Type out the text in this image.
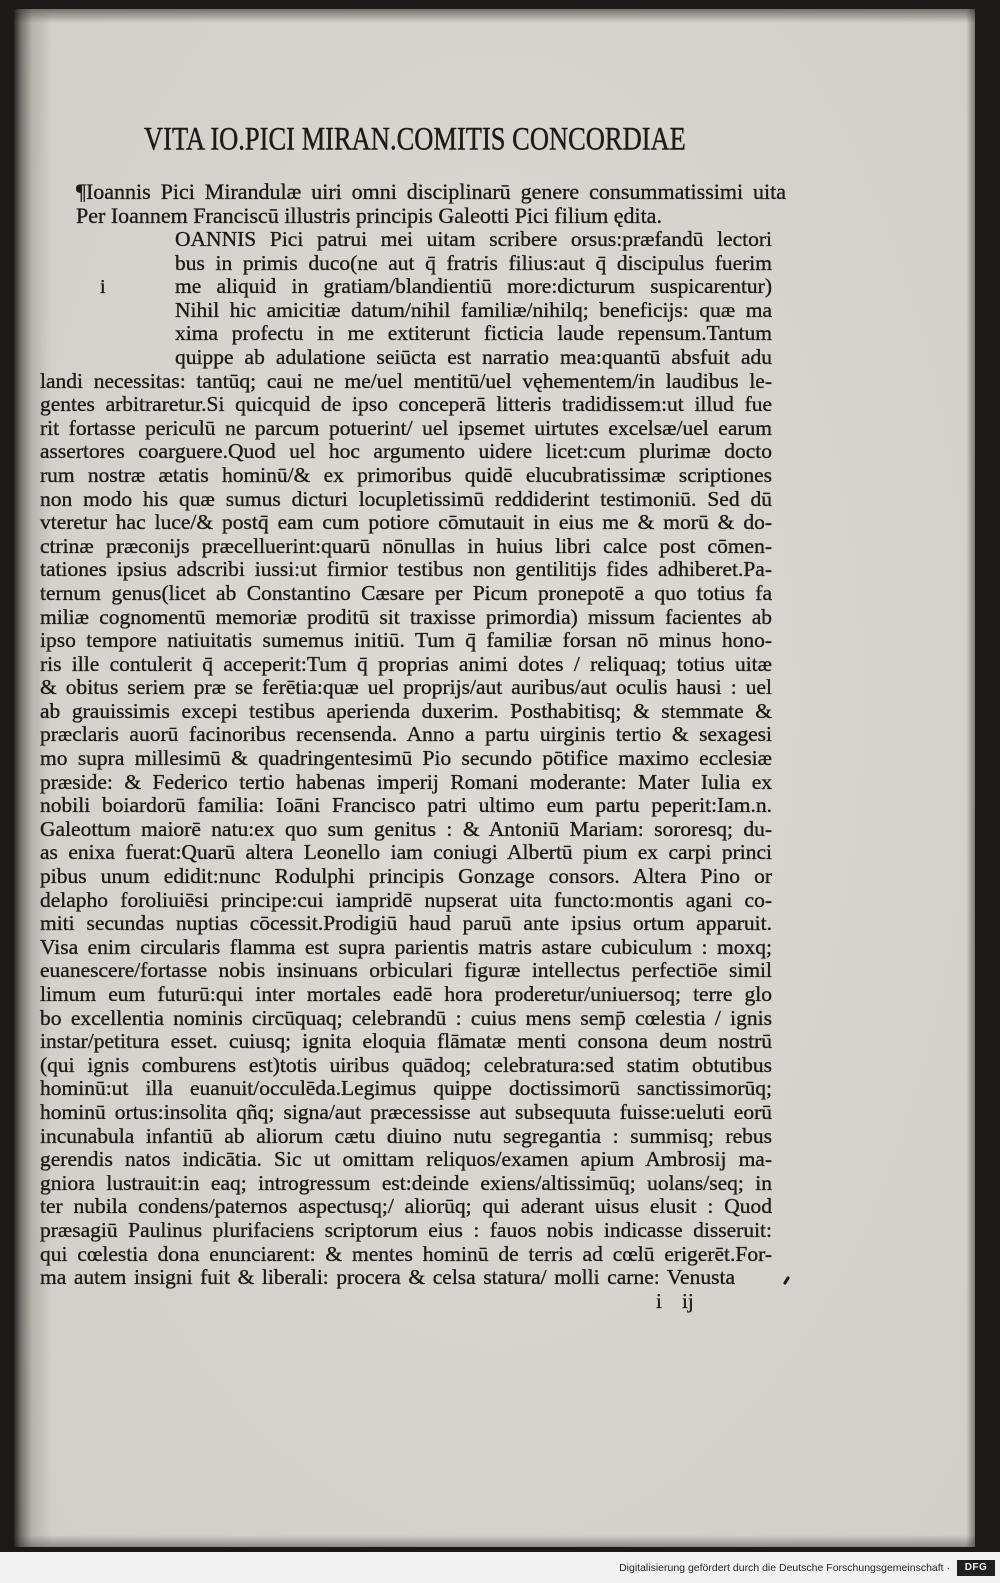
VITA IO.PICI MIRAN.COMITIS CONCORDIAE
¶Ioannis Pici Mirandulæ uiri omni disciplinarū genere consummatissimi uita
Per Ioannem Franciscū illustris principis Galeotti Pici filium ędita.
i
OANNIS Pici patrui mei uitam scribere orsus:præfandū lectori
bus in primis duco(ne aut q̄ fratris filius:aut q̄ discipulus fuerim
me aliquid in gratiam/blandientiū more:dicturum suspicarentur)
Nihil hic amicitiæ datum/nihil familiæ/nihilq; beneficijs: quæ ma
xima profectu in me extiterunt ficticia laude repensum.Tantum
quippe ab adulatione seiūcta est narratio mea:quantū absfuit adu
landi necessitas: tantūq; caui ne me/uel mentitū/uel vęhementem/in laudibus le-
gentes arbitraretur.Si quicquid de ipso conceperā litteris tradidissem:ut illud fue
rit fortasse periculū ne parcum potuerint/ uel ipsemet uirtutes excelsæ/uel earum
assertores coarguere.Quod uel hoc argumento uidere licet:cum plurimæ docto
rum nostræ ætatis hominū/& ex primoribus quidē elucubratissimæ scriptiones
non modo his quæ sumus dicturi locupletissimū reddiderint testimoniū. Sed dū
vteretur hac luce/& postq̄ eam cum potiore cōmutauit in eius me & morū & do-
ctrinæ præconijs præcelluerint:quarū nōnullas in huius libri calce post cōmen-
tationes ipsius adscribi iussi:ut firmior testibus non gentilitijs fides adhiberet.Pa-
ternum genus(licet ab Constantino Cæsare per Picum pronepotē a quo totius fa
miliæ cognomentū memoriæ proditū sit traxisse primordia) missum facientes ab
ipso tempore natiuitatis sumemus initiū. Tum q̄ familiæ forsan nō minus hono-
ris ille contulerit q̄ acceperit:Tum q̄ proprias animi dotes / reliquaq; totius uitæ
& obitus seriem præ se ferētia:quæ uel proprijs/aut auribus/aut oculis hausi : uel
ab grauissimis excepi testibus aperienda duxerim. Posthabitisq; & stemmate &
præclaris auorū facinoribus recensenda. Anno a partu uirginis tertio & sexagesi
mo supra millesimū & quadringentesimū Pio secundo pōtifice maximo ecclesiæ
præside: & Federico tertio habenas imperij Romani moderante: Mater Iulia ex
nobili boiardorū familia: Ioāni Francisco patri ultimo eum partu peperit:Iam.n.
Galeottum maiorē natu:ex quo sum genitus : & Antoniū Mariam: sororesq; du-
as enixa fuerat:Quarū altera Leonello iam coniugi Albertū pium ex carpi princi
pibus unum edidit:nunc Rodulphi principis Gonzage consors. Altera Pino or
delapho foroliuiēsi principe:cui iampridē nupserat uita functo:montis agani co-
miti secundas nuptias cōcessit.Prodigiū haud paruū ante ipsius ortum apparuit.
Visa enim circularis flamma est supra parientis matris astare cubiculum : moxq;
euanescere/fortasse nobis insinuans orbiculari figuræ intellectus perfectiōe simil
limum eum futurū:qui inter mortales eadē hora proderetur/uniuersoq; terre glo
bo excellentia nominis circūquaq; celebrandū : cuius mens semp̄ cœlestia / ignis
instar/petitura esset. cuiusq; ignita eloquia flāmatæ menti consona deum nostrū
(qui ignis comburens est)totis uiribus quādoq; celebratura:sed statim obtutibus
hominū:ut illa euanuit/occulēda.Legimus quippe doctissimorū sanctissimorūq;
hominū ortus:insolita qñq; signa/aut præcessisse aut subsequuta fuisse:ueluti eorū
incunabula infantiū ab aliorum cætu diuino nutu segregantia : summisq; rebus
gerendis natos indicātia. Sic ut omittam reliquos/examen apium Ambrosij ma-
gniora lustrauit:in eaq; introgressum est:deinde exiens/altissimūq; uolans/seq; in
ter nubila condens/paternos aspectusq;/ aliorūq; qui aderant uisus elusit : Quod
præsagiū Paulinus plurifaciens scriptorum eius : fauos nobis indicasse disseruit:
qui cœlestia dona enunciarent: & mentes hominū de terris ad cœlū erigerēt.For-
ma autem insigni fuit & liberali: procera & celsa statura/ molli carne: Venusta
i ij
Digitalisierung gefördert durch die Deutsche Forschungsgemeinschaft ·	DFG
